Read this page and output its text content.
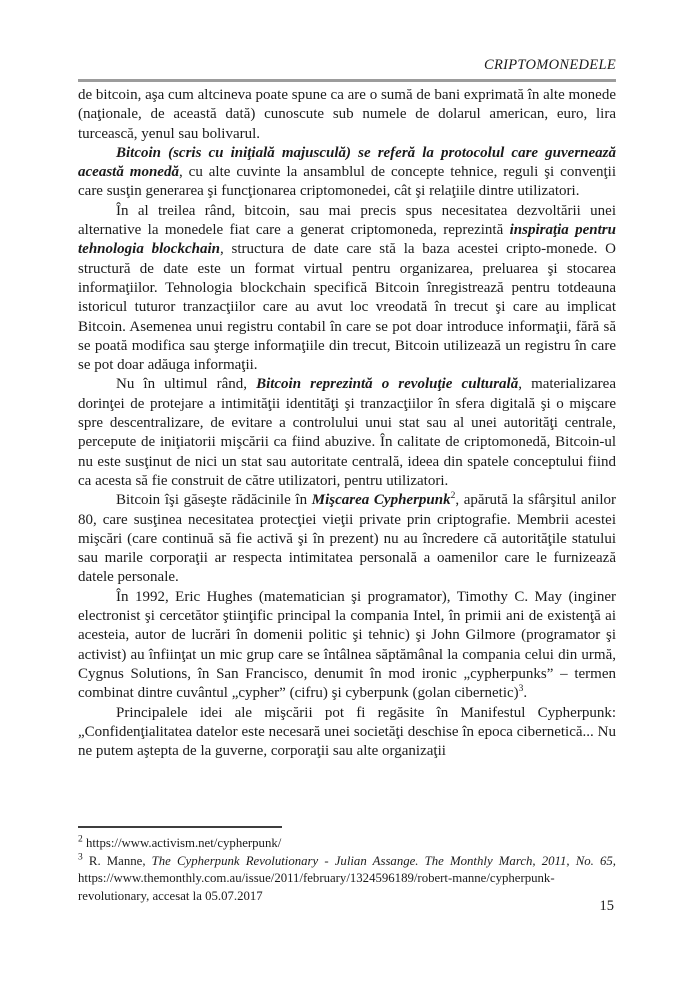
CRIPTOMONEDELE

de bitcoin, aşa cum altcineva poate spune ca are o sumă de bani exprimată în alte monede (naţionale, de această dată) cunoscute sub numele de dolarul american, euro, lira turcească, yenul sau bolivarul.

Bitcoin (scris cu iniţială majusculă) se referă la protocolul care guvernează această monedă, cu alte cuvinte la ansamblul de concepte tehnice, reguli şi convenţii care susţin generarea şi funcţionarea criptomonedei, cât şi relaţiile dintre utilizatori.

În al treilea rând, bitcoin, sau mai precis spus necesitatea dezvoltării unei alternative la monedele fiat care a generat criptomoneda, reprezintă inspiraţia pentru tehnologia blockchain, structura de date care stă la baza acestei cripto-monede. O structură de date este un format virtual pentru organizarea, preluarea şi stocarea informaţiilor. Tehnologia blockchain specifică Bitcoin înregistrează pentru totdeauna istoricul tuturor tranzacţiilor care au avut loc vreodată în trecut şi care au implicat Bitcoin. Asemenea unui registru contabil în care se pot doar introduce informaţii, fără să se poată modifica sau şterge informaţiile din trecut, Bitcoin utilizează un registru în care se pot doar adăuga informaţii.

Nu în ultimul rând, Bitcoin reprezintă o revoluţie culturală, materializarea dorinţei de protejare a intimităţii identităţi şi tranzacţiilor în sfera digitală şi o mişcare spre descentralizare, de evitare a controlului unui stat sau al unei autorităţi centrale, percepute de iniţiatorii mişcării ca fiind abuzive. În calitate de criptomonedă, Bitcoin-ul nu este susţinut de nici un stat sau autoritate centrală, ideea din spatele conceptului fiind ca acesta să fie construit de către utilizatori, pentru utilizatori.

Bitcoin îşi găseşte rădăcinile în Mişcarea Cypherpunk$^2$, apărută la sfârşitul anilor 80, care susţinea necesitatea protecţiei vieţii private prin criptografie. Membrii acestei mişcări (care continuă să fie activă şi în prezent) nu au încredere că autorităţile statului sau marile corporaţii ar respecta intimitatea personală a oamenilor care le furnizează datele personale.

În 1992, Eric Hughes (matematician şi programator), Timothy C. May (inginer electronist şi cercetător ştiinţific principal la compania Intel, în primii ani de existenţă ai acesteia, autor de lucrări în domenii politic şi tehnic) şi John Gilmore (programator şi activist) au înfiinţat un mic grup care se întâlnea săptămânal la compania celui din urmă, Cygnus Solutions, în San Francisco, denumit în mod ironic „cypherpunks” – termen combinat dintre cuvântul „cypher” (cifru) şi cyberpunk (golan cibernetic)$^3$.

Principalele idei ale mişcării pot fi regăsite în Manifestul Cypherpunk: „Confidenţialitatea datelor este necesară unei societăţi deschise în epoca cibernetică... Nu ne putem aştepta de la guverne, corporaţii sau alte organizaţii

$^2$ https://www.activism.net/cypherpunk/
$^3$ R. Manne, The Cypherpunk Revolutionary - Julian Assange. The Monthly March, 2011, No. 65, https://www.themonthly.com.au/issue/2011/february/1324596189/robert-manne/cypherpunk-revolutionary, accesat la 05.07.2017
15
